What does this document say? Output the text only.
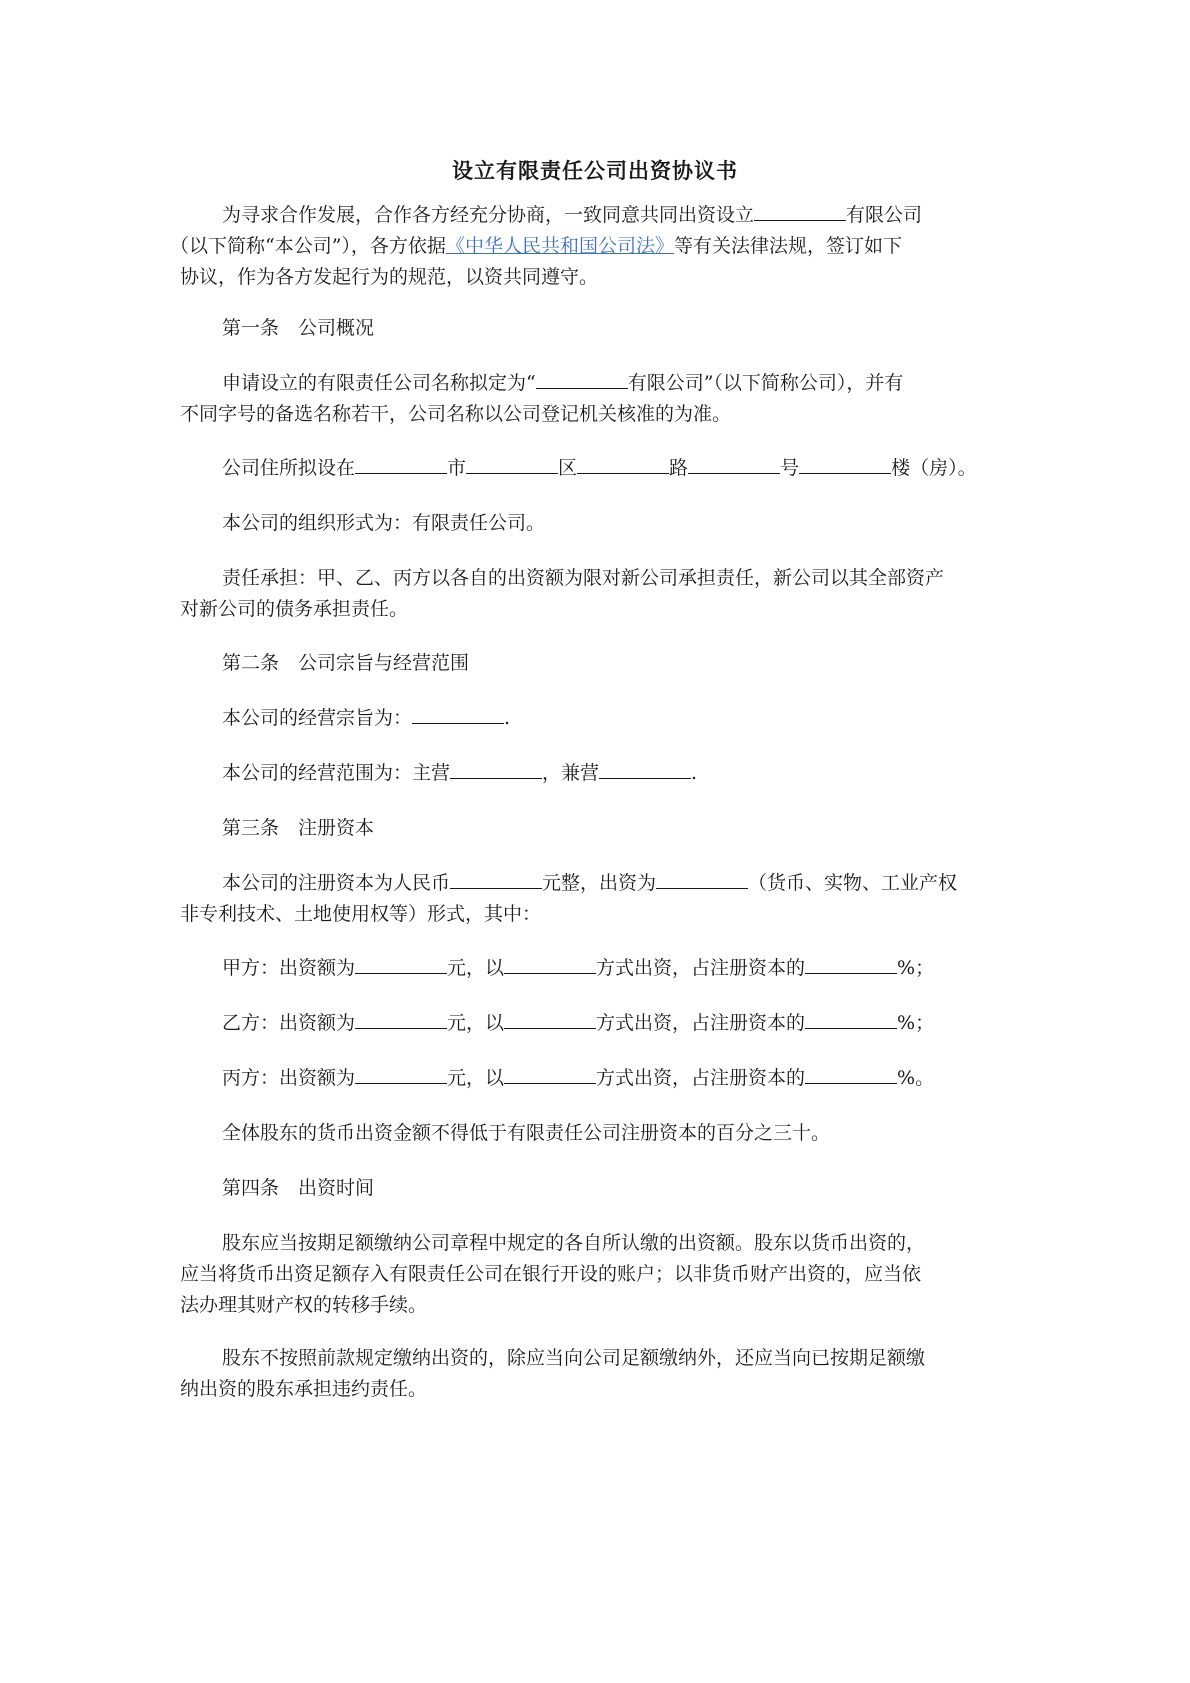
设立有限责任公司出资协议书
为寻求合作发展，合作各方经充分协商，一致同意共同出资设立	有限公司
（以下简称“本公司”），各方依据《中华人民共和国公司法》等有关法律法规，签订如下
协议，作为各方发起行为的规范，以资共同遵守。
第一条　公司概况
申请设立的有限责任公司名称拟定为“	有限公司”（以下简称公司），并有
不同字号的备选名称若干，公司名称以公司登记机关核准的为准。
公司住所拟设在	市	区	路	号	楼（房）。
本公司的组织形式为：有限责任公司。
责任承担：甲、乙、丙方以各自的出资额为限对新公司承担责任，新公司以其全部资产
对新公司的债务承担责任。
第二条　公司宗旨与经营范围
本公司的经营宗旨为：	.
本公司的经营范围为：主营	，兼营	.
第三条　注册资本
本公司的注册资本为人民币	元整，出资为	（货币、实物、工业产权
非专利技术、土地使用权等）形式，其中：
甲方：出资额为	元，以	方式出资，占注册资本的	%；
乙方：出资额为	元，以	方式出资，占注册资本的	%；
丙方：出资额为	元，以	方式出资，占注册资本的	%。
全体股东的货币出资金额不得低于有限责任公司注册资本的百分之三十。
第四条　出资时间
股东应当按期足额缴纳公司章程中规定的各自所认缴的出资额。股东以货币出资的，
应当将货币出资足额存入有限责任公司在银行开设的账户；以非货币财产出资的，应当依
法办理其财产权的转移手续。
股东不按照前款规定缴纳出资的，除应当向公司足额缴纳外，还应当向已按期足额缴
纳出资的股东承担违约责任。
